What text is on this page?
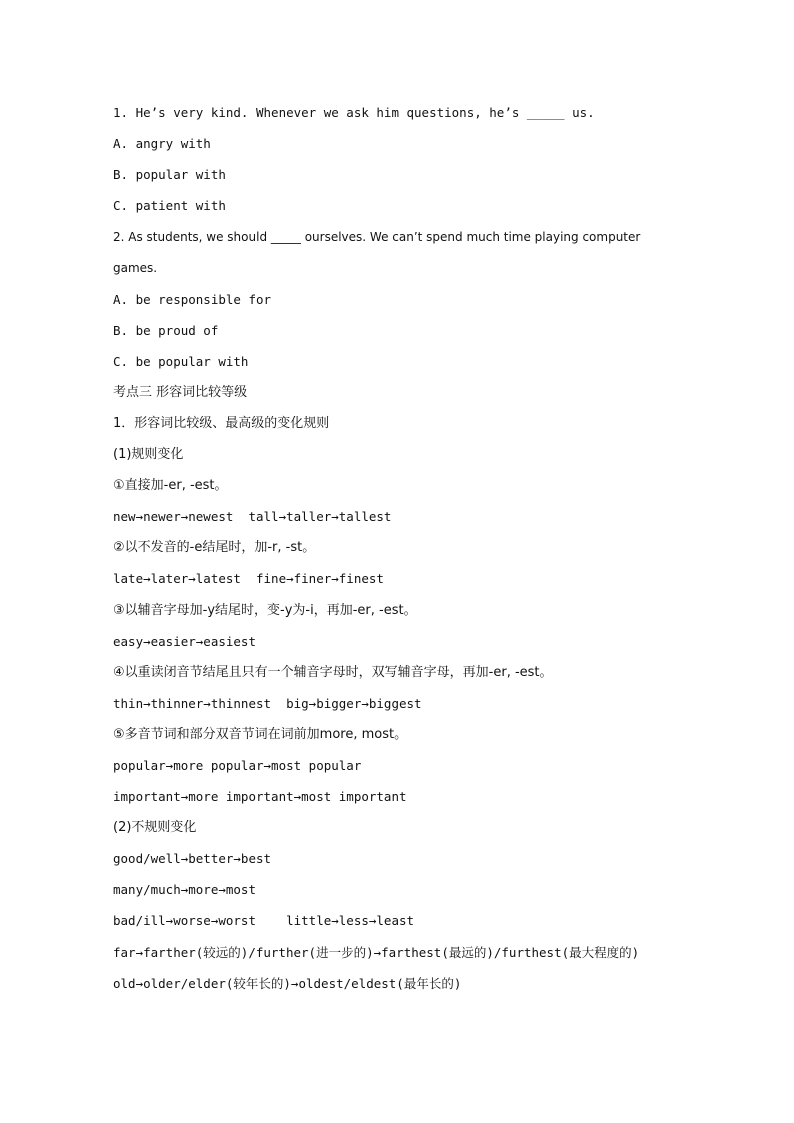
1. He’s very kind. Whenever we ask him questions, he’s _____ us.
A. angry with
B. popular with
C. patient with
2. As students, we should _____ ourselves. We can’t spend much time playing computer
games.
A. be responsible for
B. be proud of
C. be popular with
考点三 形容词比较等级
1．形容词比较级、最高级的变化规则
(1)规则变化
①直接加-er, -est。
new→newer→newest  tall→taller→tallest
②以不发音的-e结尾时，加-r, -st。
late→later→latest  fine→finer→finest
③以辅音字母加-y结尾时，变-y为-i，再加-er, -est。
easy→easier→easiest
④以重读闭音节结尾且只有一个辅音字母时，双写辅音字母，再加-er, -est。
thin→thinner→thinnest  big→bigger→biggest
⑤多音节词和部分双音节词在词前加more, most。
popular→more popular→most popular
important→more important→most important
(2)不规则变化
good/well→better→best
many/much→more→most
bad/ill→worse→worst    little→less→least
far→farther(较远的)/further(进一步的)→farthest(最远的)/furthest(最大程度的)
old→older/elder(较年长的)→oldest/eldest(最年长的)
